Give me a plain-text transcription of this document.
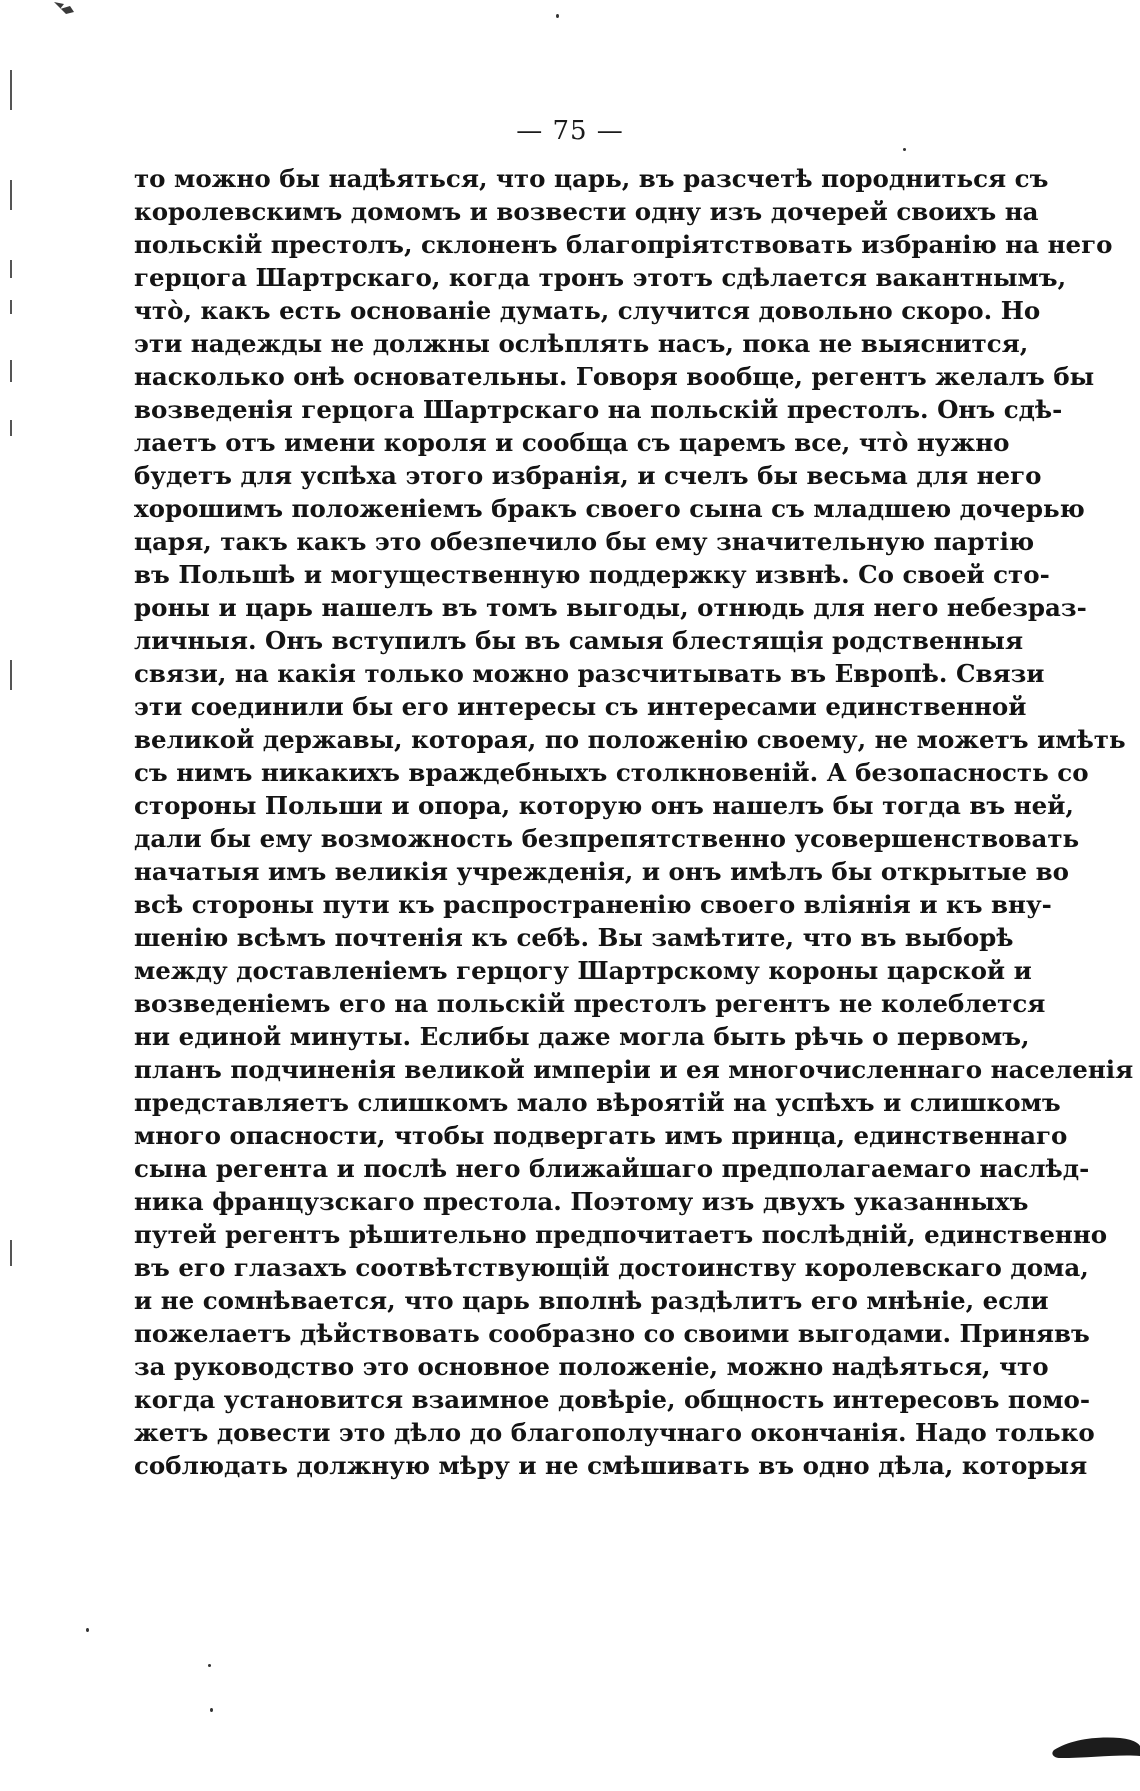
— 75 —
то можно бы надѣяться, что царь, въ разсчетѣ породниться съ
королевскимъ домомъ и возвести одну изъ дочерей своихъ на
польскій престолъ, склоненъ благопріятствовать избранію на него
герцога Шартрскаго, когда тронъ этотъ сдѣлается вакантнымъ,
что̀, какъ есть основаніе думать, случится довольно скоро. Но
эти надежды не должны ослѣплять насъ, пока не выяснится,
насколько онѣ основательны. Говоря вообще, регентъ желалъ бы
возведенія герцога Шартрскаго на польскій престолъ. Онъ сдѣ-
лаетъ отъ имени короля и сообща съ царемъ все, что̀ нужно
будетъ для успѣха этого избранія, и счелъ бы весьма для него
хорошимъ положеніемъ бракъ своего сына съ младшею дочерью
царя, такъ какъ это обезпечило бы ему значительную партію
въ Польшѣ и могущественную поддержку извнѣ. Со своей сто-
роны и царь нашелъ въ томъ выгоды, отнюдь для него небезраз-
личныя. Онъ вступилъ бы въ самыя блестящія родственныя
связи, на какія только можно разсчитывать въ Европѣ. Связи
эти соединили бы его интересы съ интересами единственной
великой державы, которая, по положенію своему, не можетъ имѣть
съ нимъ никакихъ враждебныхъ столкновеній. А безопасность со
стороны Польши и опора, которую онъ нашелъ бы тогда въ ней,
дали бы ему возможность безпрепятственно усовершенствовать
начатыя имъ великія учрежденія, и онъ имѣлъ бы открытые во
всѣ стороны пути къ распространенію своего вліянія и къ вну-
шенію всѣмъ почтенія къ себѣ. Вы замѣтите, что въ выборѣ
между доставленіемъ герцогу Шартрскому короны царской и
возведеніемъ его на польскій престолъ регентъ не колеблется
ни единой минуты. Еслибы даже могла быть рѣчь о первомъ,
планъ подчиненія великой имперіи и ея многочисленнаго населенія
представляетъ слишкомъ мало вѣроятій на успѣхъ и слишкомъ
много опасности, чтобы подвергать имъ принца, единственнаго
сына регента и послѣ него ближайшаго предполагаемаго наслѣд-
ника французскаго престола. Поэтому изъ двухъ указанныхъ
путей регентъ рѣшительно предпочитаетъ послѣдній, единственно
въ его глазахъ соотвѣтствующій достоинству королевскаго дома,
и не сомнѣвается, что царь вполнѣ раздѣлитъ его мнѣніе, если
пожелаетъ дѣйствовать сообразно со своими выгодами. Принявъ
за руководство это основное положеніе, можно надѣяться, что
когда установится взаимное довѣріе, общность интересовъ помо-
жетъ довести это дѣло до благополучнаго окончанія. Надо только
соблюдать должную мѣру и не смѣшивать въ одно дѣла, которыя
